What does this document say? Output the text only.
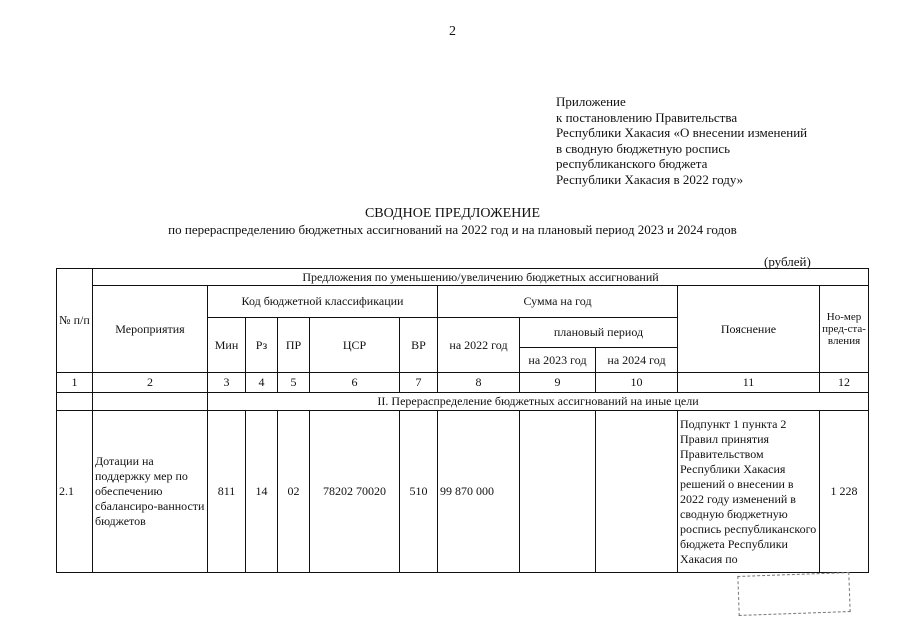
2
Приложение
к постановлению Правительства
Республики Хакасия «О внесении изменений
в сводную бюджетную роспись
республиканского бюджета
Республики Хакасия в 2022 году»
СВОДНОЕ ПРЕДЛОЖЕНИЕ
по перераспределению бюджетных ассигнований на 2022 год и на плановый период 2023 и 2024 годов
(рублей)
№ п/п	Предложения по уменьшению/увеличению бюджетных ассигнований										
	Мероприятия	Код бюджетной классификации					Сумма на год			Пояснение	Но-мер пред-ста-вления
		Мин	Рз	ПР	ЦСР	ВР	на 2022 год	плановый период			
								на 2023 год	на 2024 год		
1	2	3	4	5	6	7	8	9	10	11	12
		II. Перераспределение бюджетных ассигнований на иные цели									
2.1	Дотации на поддержку мер по обеспечению сбалансиро-ванности бюджетов	811	14	02	78202 70020	510	99 870 000			Подпункт 1 пункта 2 Правил принятия Правительством Республики Хакасия решений о внесении в 2022 году изменений в сводную бюджетную роспись республиканского бюджета Республики Хакасия по	1 228
